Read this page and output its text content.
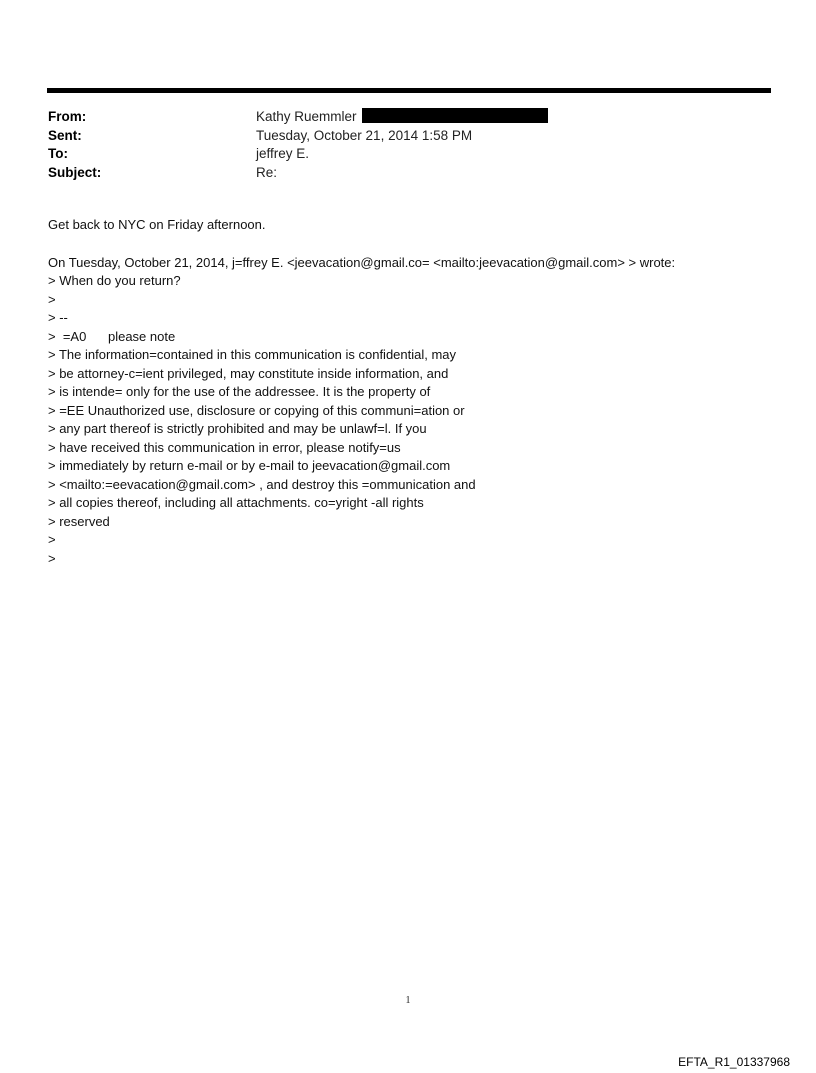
From:	Kathy Ruemmler
Sent:	Tuesday, October 21, 2014 1:58 PM
To:	jeffrey E.
Subject:	Re:
Get back to NYC on Friday afternoon.
On Tuesday, October 21, 2014, j=ffrey E. <jeevacation@gmail.co= <mailto:jeevacation@gmail.com> > wrote:
> When do you return?
>
> --
>  =A0      please note
> The information=contained in this communication is confidential, may
> be attorney-c=ient privileged, may constitute inside information, and
> is intende= only for the use of the addressee. It is the property of
> =EE Unauthorized use, disclosure or copying of this communi=ation or
> any part thereof is strictly prohibited and may be unlawf=l. If you
> have received this communication in error, please notify=us
> immediately by return e-mail or by e-mail to jeevacation@gmail.com
> <mailto:=eevacation@gmail.com> , and destroy this =ommunication and
> all copies thereof, including all attachments. co=yright -all rights
> reserved
>
>
1
EFTA_R1_01337968
